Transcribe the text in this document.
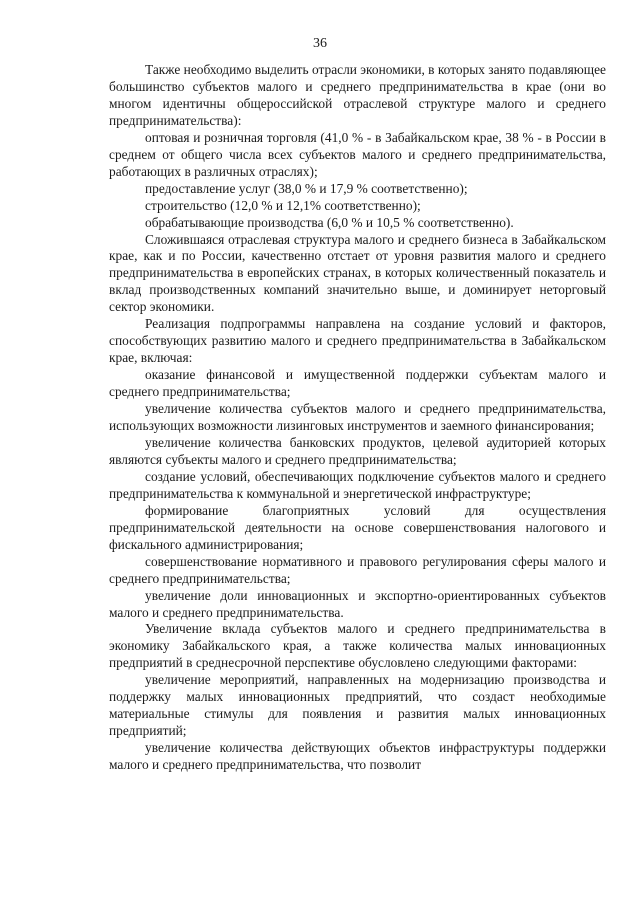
36

Также необходимо выделить отрасли экономики, в которых занято подавляющее большинство субъектов малого и среднего предпринимательства в крае (они во многом идентичны общероссийской отраслевой структуре малого и среднего предпринимательства):

оптовая и розничная торговля (41,0 % - в Забайкальском крае, 38 % - в России в среднем от общего числа всех субъектов малого и среднего предпринимательства, работающих в различных отраслях);

предоставление услуг (38,0 % и 17,9 % соответственно);

строительство (12,0 % и 12,1% соответственно);

обрабатывающие производства (6,0 % и 10,5 % соответственно).

Сложившаяся отраслевая структура малого и среднего бизнеса в Забайкальском крае, как и по России, качественно отстает от уровня развития малого и среднего предпринимательства в европейских странах, в которых количественный показатель и вклад производственных компаний значительно выше, и доминирует неторговый сектор экономики.

Реализация подпрограммы направлена на создание условий и факторов, способствующих развитию малого и среднего предпринимательства в Забайкальском крае, включая:

оказание финансовой и имущественной поддержки субъектам малого и среднего предпринимательства;

увеличение количества субъектов малого и среднего предпринимательства, использующих возможности лизинговых инструментов и заемного финансирования;

увеличение количества банковских продуктов, целевой аудиторией которых являются субъекты малого и среднего предпринимательства;

создание условий, обеспечивающих подключение субъектов малого и среднего предпринимательства к коммунальной и энергетической инфраструктуре;

формирование благоприятных условий для осуществления предпринимательской деятельности на основе совершенствования налогового и фискального администрирования;

совершенствование нормативного и правового регулирования сферы малого и среднего предпринимательства;

увеличение доли инновационных и экспортно-ориентированных субъектов малого и среднего предпринимательства.

Увеличение вклада субъектов малого и среднего предпринимательства в экономику Забайкальского края, а также количества малых инновационных предприятий в среднесрочной перспективе обусловлено следующими факторами:

увеличение мероприятий, направленных на модернизацию производства и поддержку малых инновационных предприятий, что создаст необходимые материальные стимулы для появления и развития малых инновационных предприятий;

увеличение количества действующих объектов инфраструктуры поддержки малого и среднего предпринимательства, что позволит
